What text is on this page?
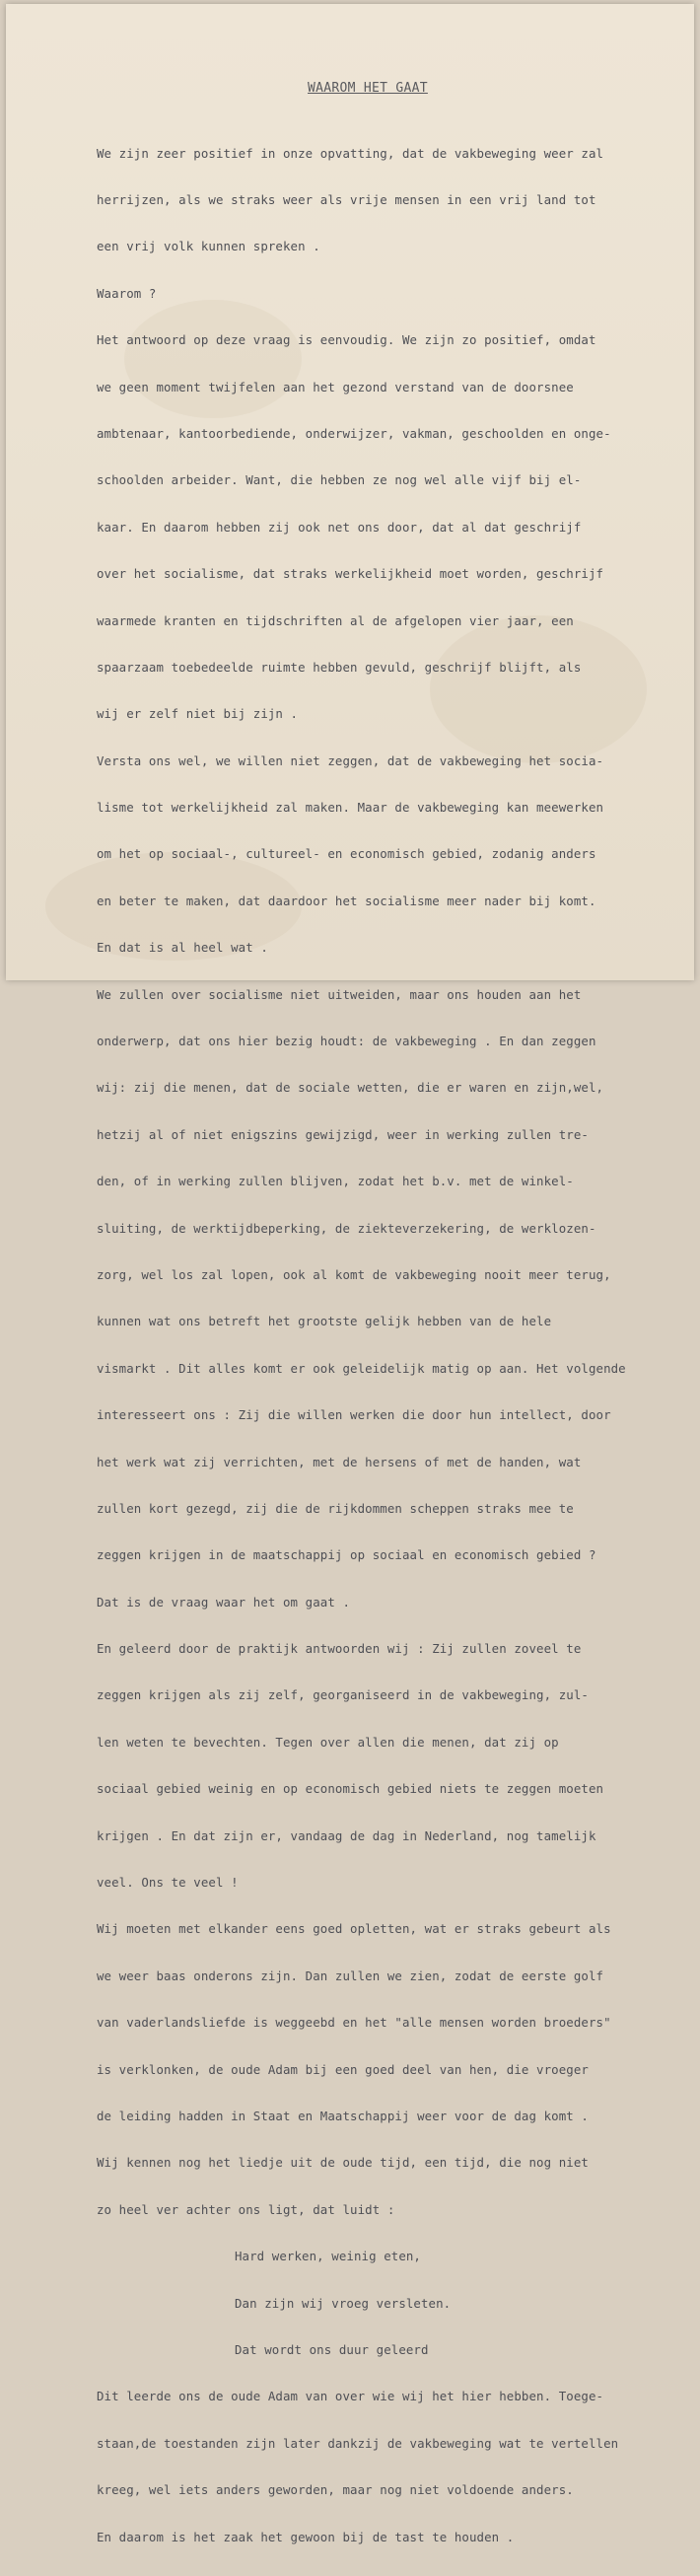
WAAROM HET GAAT

We zijn zeer positief in onze opvatting, dat de vakbeweging weer zal

herrijzen, als we straks weer als vrije mensen in een vrij land tot

een vrij volk kunnen spreken .

Waarom ?

Het antwoord op deze vraag is eenvoudig. We zijn zo positief, omdat

we geen moment twijfelen aan het gezond verstand van de doorsnee

ambtenaar, kantoorbediende, onderwijzer, vakman, geschoolden en onge-

schoolden arbeider. Want, die hebben ze nog wel alle vijf bij el-

kaar. En daarom hebben zij ook net ons door, dat al dat geschrijf

over het socialisme, dat straks werkelijkheid moet worden, geschrijf

waarmede kranten en tijdschriften al de afgelopen vier jaar, een

spaarzaam toebedeelde ruimte hebben gevuld, geschrijf blijft, als

wij er zelf niet bij zijn .

Versta ons wel, we willen niet zeggen, dat de vakbeweging het socia-

lisme tot werkelijkheid zal maken. Maar de vakbeweging kan meewerken

om het op sociaal-, cultureel- en economisch gebied, zodanig anders

en beter te maken, dat daardoor het socialisme meer nader bij komt.

En dat is al heel wat .

We zullen over socialisme niet uitweiden, maar ons houden aan het

onderwerp, dat ons hier bezig houdt: de vakbeweging . En dan zeggen

wij: zij die menen, dat de sociale wetten, die er waren en zijn,wel,

hetzij al of niet enigszins gewijzigd, weer in werking zullen tre-

den, of in werking zullen blijven, zodat het b.v. met de winkel-

sluiting, de werktijdbeperking, de ziekteverzekering, de werklozen-

zorg, wel los zal lopen, ook al komt de vakbeweging nooit meer terug,

kunnen wat ons betreft het grootste gelijk hebben van de hele

vismarkt . Dit alles komt er ook geleidelijk matig op aan. Het volgende

interesseert ons : Zij die willen werken die door hun intellect, door

het werk wat zij verrichten, met de hersens of met de handen, wat

zullen kort gezegd, zij die de rijkdommen scheppen straks mee te

zeggen krijgen in de maatschappij op sociaal en economisch gebied ?

Dat is de vraag waar het om gaat .

En geleerd door de praktijk antwoorden wij : Zij zullen zoveel te

zeggen krijgen als zij zelf, georganiseerd in de vakbeweging, zul-

len weten te bevechten. Tegen over allen die menen, dat zij op

sociaal gebied weinig en op economisch gebied niets te zeggen moeten

krijgen . En dat zijn er, vandaag de dag in Nederland, nog tamelijk

veel. Ons te veel !

Wij moeten met elkander eens goed opletten, wat er straks gebeurt als

we weer baas onderons zijn. Dan zullen we zien, zodat de eerste golf

van vaderlandsliefde is weggeebd en het "alle mensen worden broeders"

is verklonken, de oude Adam bij een goed deel van hen, die vroeger

de leiding hadden in Staat en Maatschappij weer voor de dag komt .

Wij kennen nog het liedje uit de oude tijd, een tijd, die nog niet

zo heel ver achter ons ligt, dat luidt :

Hard werken, weinig eten,

Dan zijn wij vroeg versleten.

Dat wordt ons duur geleerd

Dit leerde ons de oude Adam van over wie wij het hier hebben. Toege-

staan,de toestanden zijn later dankzij de vakbeweging wat te vertellen

kreeg, wel iets anders geworden, maar nog niet voldoende anders.

En daarom is het zaak het gewoon bij de tast te houden .
